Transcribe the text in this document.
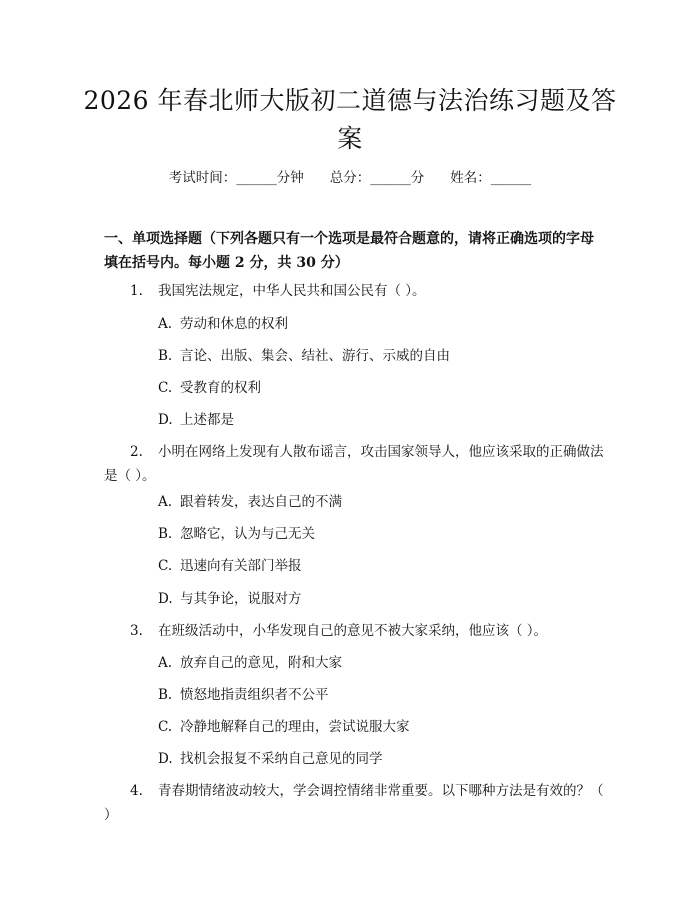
2026 年春北师大版初二道德与法治练习题及答案
考试时间：______分钟 总分：______分 姓名：______
一、单项选择题（下列各题只有一个选项是最符合题意的，请将正确选项的字母填在括号内。每小题 2 分，共 30 分）
1. 我国宪法规定，中华人民共和国公民有（ ）。
A. 劳动和休息的权利
B. 言论、出版、集会、结社、游行、示威的自由
C. 受教育的权利
D. 上述都是
2. 小明在网络上发现有人散布谣言，攻击国家领导人，他应该采取的正确做法是（ ）。
A. 跟着转发，表达自己的不满
B. 忽略它，认为与己无关
C. 迅速向有关部门举报
D. 与其争论，说服对方
3. 在班级活动中，小华发现自己的意见不被大家采纳，他应该（ ）。
A. 放弃自己的意见，附和大家
B. 愤怒地指责组织者不公平
C. 冷静地解释自己的理由，尝试说服大家
D. 找机会报复不采纳自己意见的同学
4. 青春期情绪波动较大，学会调控情绪非常重要。以下哪种方法是有效的？（ ）
